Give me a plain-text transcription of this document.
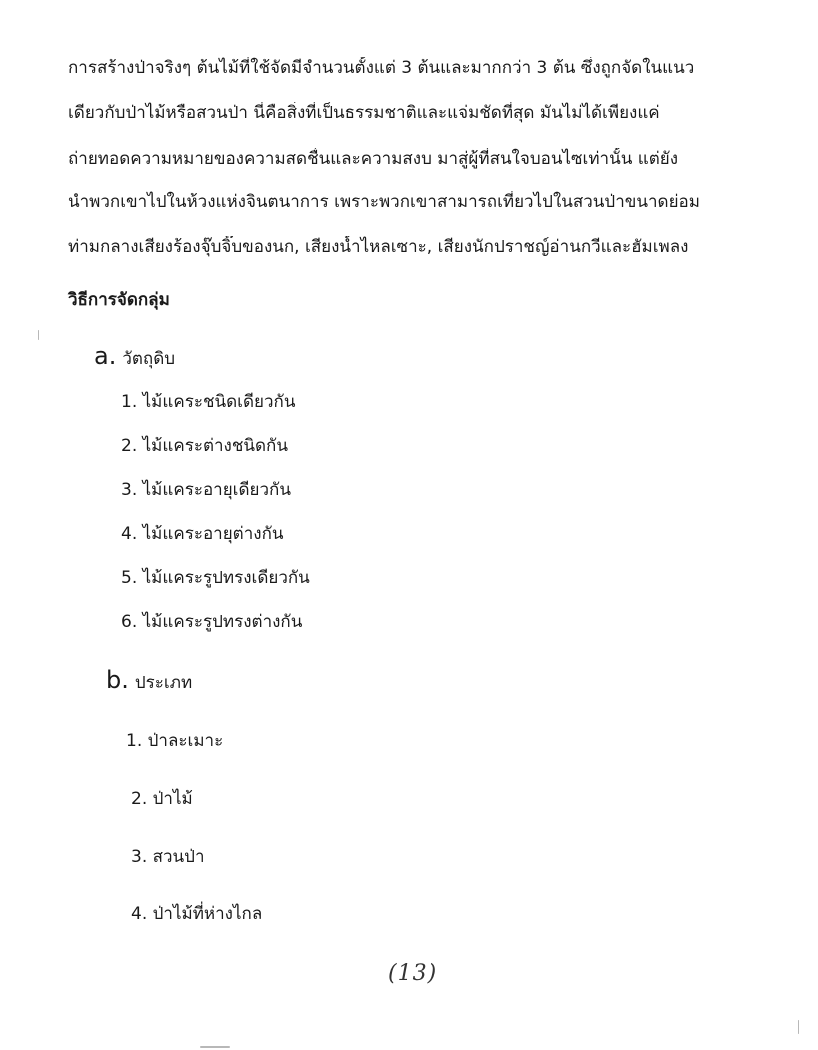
การสร้างป่าจริงๆ ต้นไม้ที่ใช้จัดมีจำนวนตั้งแต่ 3 ต้นและมากกว่า 3 ต้น ซึ่งถูกจัดในแนว
เดียวกับป่าไม้หรือสวนป่า นี่คือสิ่งที่เป็นธรรมชาติและแจ่มชัดที่สุด มันไม่ได้เพียงแค่
ถ่ายทอดความหมายของความสดชื่นและความสงบ มาสู่ผู้ที่สนใจบอนไซเท่านั้น แต่ยัง
นำพวกเขาไปในห้วงแห่งจินตนาการ เพราะพวกเขาสามารถเที่ยวไปในสวนป่าขนาดย่อม
ท่ามกลางเสียงร้องจุ๊บจิ๊บของนก, เสียงน้ำไหลเซาะ, เสียงนักปราชญ์อ่านกวีและฮัมเพลง
วิธีการจัดกลุ่ม
a. วัตถุดิบ
1. ไม้แคระชนิดเดียวกัน
2. ไม้แคระต่างชนิดกัน
3. ไม้แคระอายุเดียวกัน
4. ไม้แคระอายุต่างกัน
5. ไม้แคระรูปทรงเดียวกัน
6. ไม้แคระรูปทรงต่างกัน
b. ประเภท
1. ป่าละเมาะ
2. ป่าไม้
3. สวนป่า
4. ป่าไม้ที่ห่างไกล
(13)
